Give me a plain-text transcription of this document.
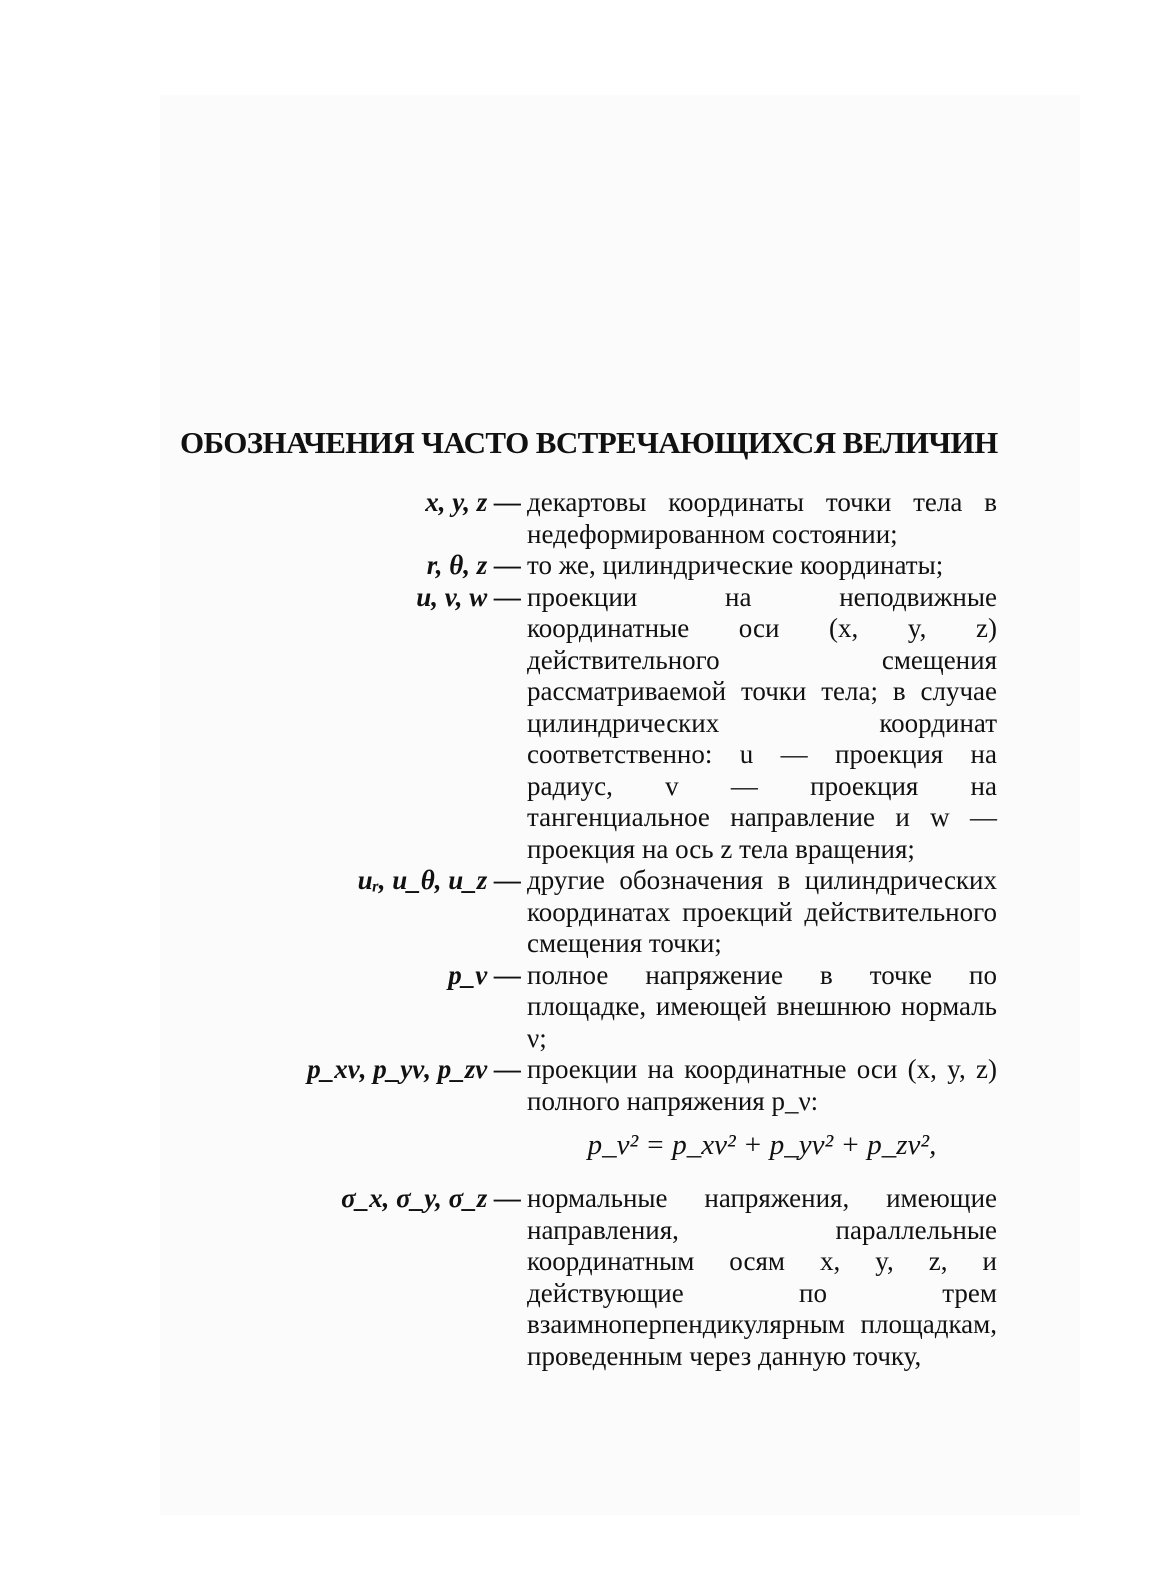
ОБОЗНАЧЕНИЯ ЧАСТО ВСТРЕЧАЮЩИХСЯ ВЕЛИЧИН
x, y, z — декартовы координаты точки тела в недеформированном состоянии;
r, θ, z — то же, цилиндрические координаты;
u, v, w — проекции на неподвижные координатные оси (x, y, z) действительного смещения рассматриваемой точки тела; в случае цилиндрических координат соответственно: u — проекция на радиус, v — проекция на тангенциальное направление и w — проекция на ось z тела вращения;
uᵣ, u_θ, u_z — другие обозначения в цилиндрических координатах проекций действительного смещения точки;
p_ν — полное напряжение в точке по площадке, имеющей внешнюю нормаль ν;
p_xν, p_yν, p_zν — проекции на координатные оси (x, y, z) полного напряжения p_ν:
p_ν² = p_xν² + p_yν² + p_zν²,
σ_x, σ_y, σ_z — нормальные напряжения, имеющие направления, параллельные координатным осям x, y, z, и действующие по трем взаимноперпендикулярным площадкам, проведенным через данную точку,
